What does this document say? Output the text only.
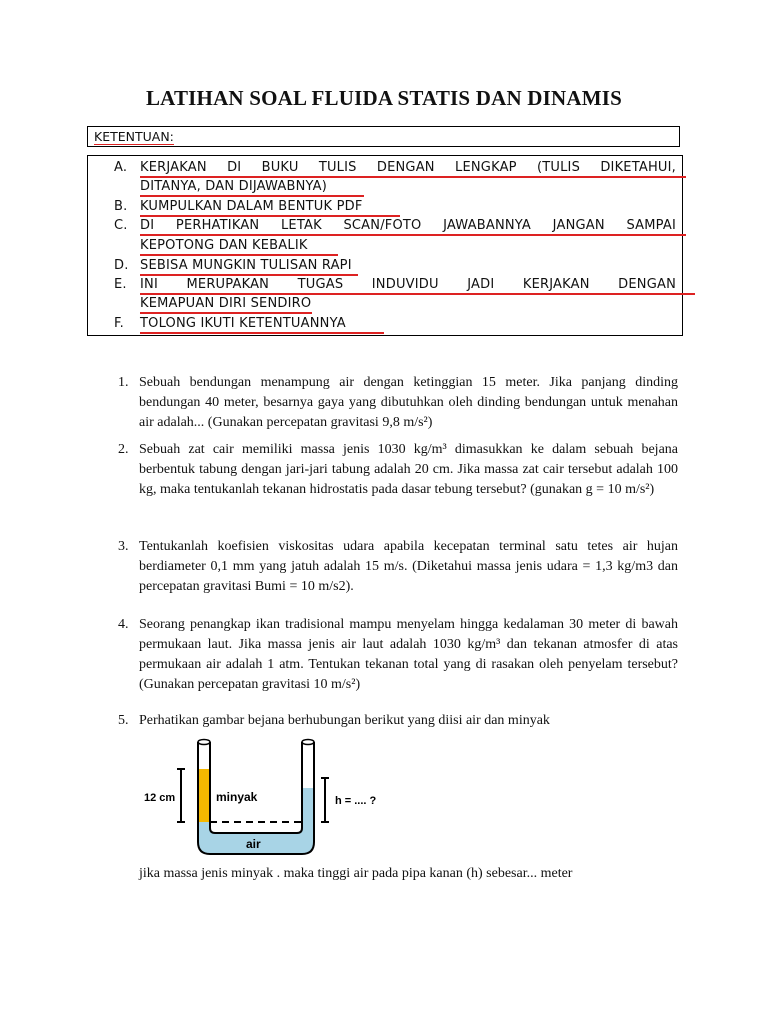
LATIHAN SOAL FLUIDA STATIS DAN DINAMIS
KETENTUAN:
A. KERJAKAN DI BUKU TULIS DENGAN LENGKAP (TULIS DIKETAHUI,
DITANYA, DAN DIJAWABNYA)
B. KUMPULKAN DALAM BENTUK PDF
C. DI PERHATIKAN LETAK SCAN/FOTO JAWABANNYA JANGAN SAMPAI
KEPOTONG DAN KEBALIK
D. SEBISA MUNGKIN TULISAN RAPI
E. INI MERUPAKAN TUGAS INDUVIDU JADI KERJAKAN DENGAN
KEMAPUAN DIRI SENDIRO
F. TOLONG IKUTI KETENTUANNYA
1. Sebuah bendungan menampung air dengan ketinggian 15 meter. Jika panjang dinding bendungan 40 meter, besarnya gaya yang dibutuhkan oleh dinding bendungan untuk menahan air adalah... (Gunakan percepatan gravitasi 9,8 m/s²)
2. Sebuah zat cair memiliki massa jenis 1030 kg/m³ dimasukkan ke dalam sebuah bejana berbentuk tabung dengan jari-jari tabung adalah 20 cm. Jika massa zat cair tersebut adalah 100 kg, maka tentukanlah tekanan hidrostatis pada dasar tebung tersebut? (gunakan g = 10 m/s²)
3. Tentukanlah koefisien viskositas udara apabila kecepatan terminal satu tetes air hujan berdiameter 0,1 mm yang jatuh adalah 15 m/s. (Diketahui massa jenis udara = 1,3 kg/m3 dan percepatan gravitasi Bumi = 10 m/s2).
4. Seorang penangkap ikan tradisional mampu menyelam hingga kedalaman 30 meter di bawah permukaan laut. Jika massa jenis air laut adalah 1030 kg/m³ dan tekanan atmosfer di atas permukaan air adalah 1 atm. Tentukan tekanan total yang di rasakan oleh penyelam tersebut? (Gunakan percepatan gravitasi 10 m/s²)
5. Perhatikan gambar bejana berhubungan berikut yang diisi air dan minyak
12 cm	minyak
air
h = .... ?
jika massa jenis minyak . maka tinggi air pada pipa kanan (h) sebesar... meter
